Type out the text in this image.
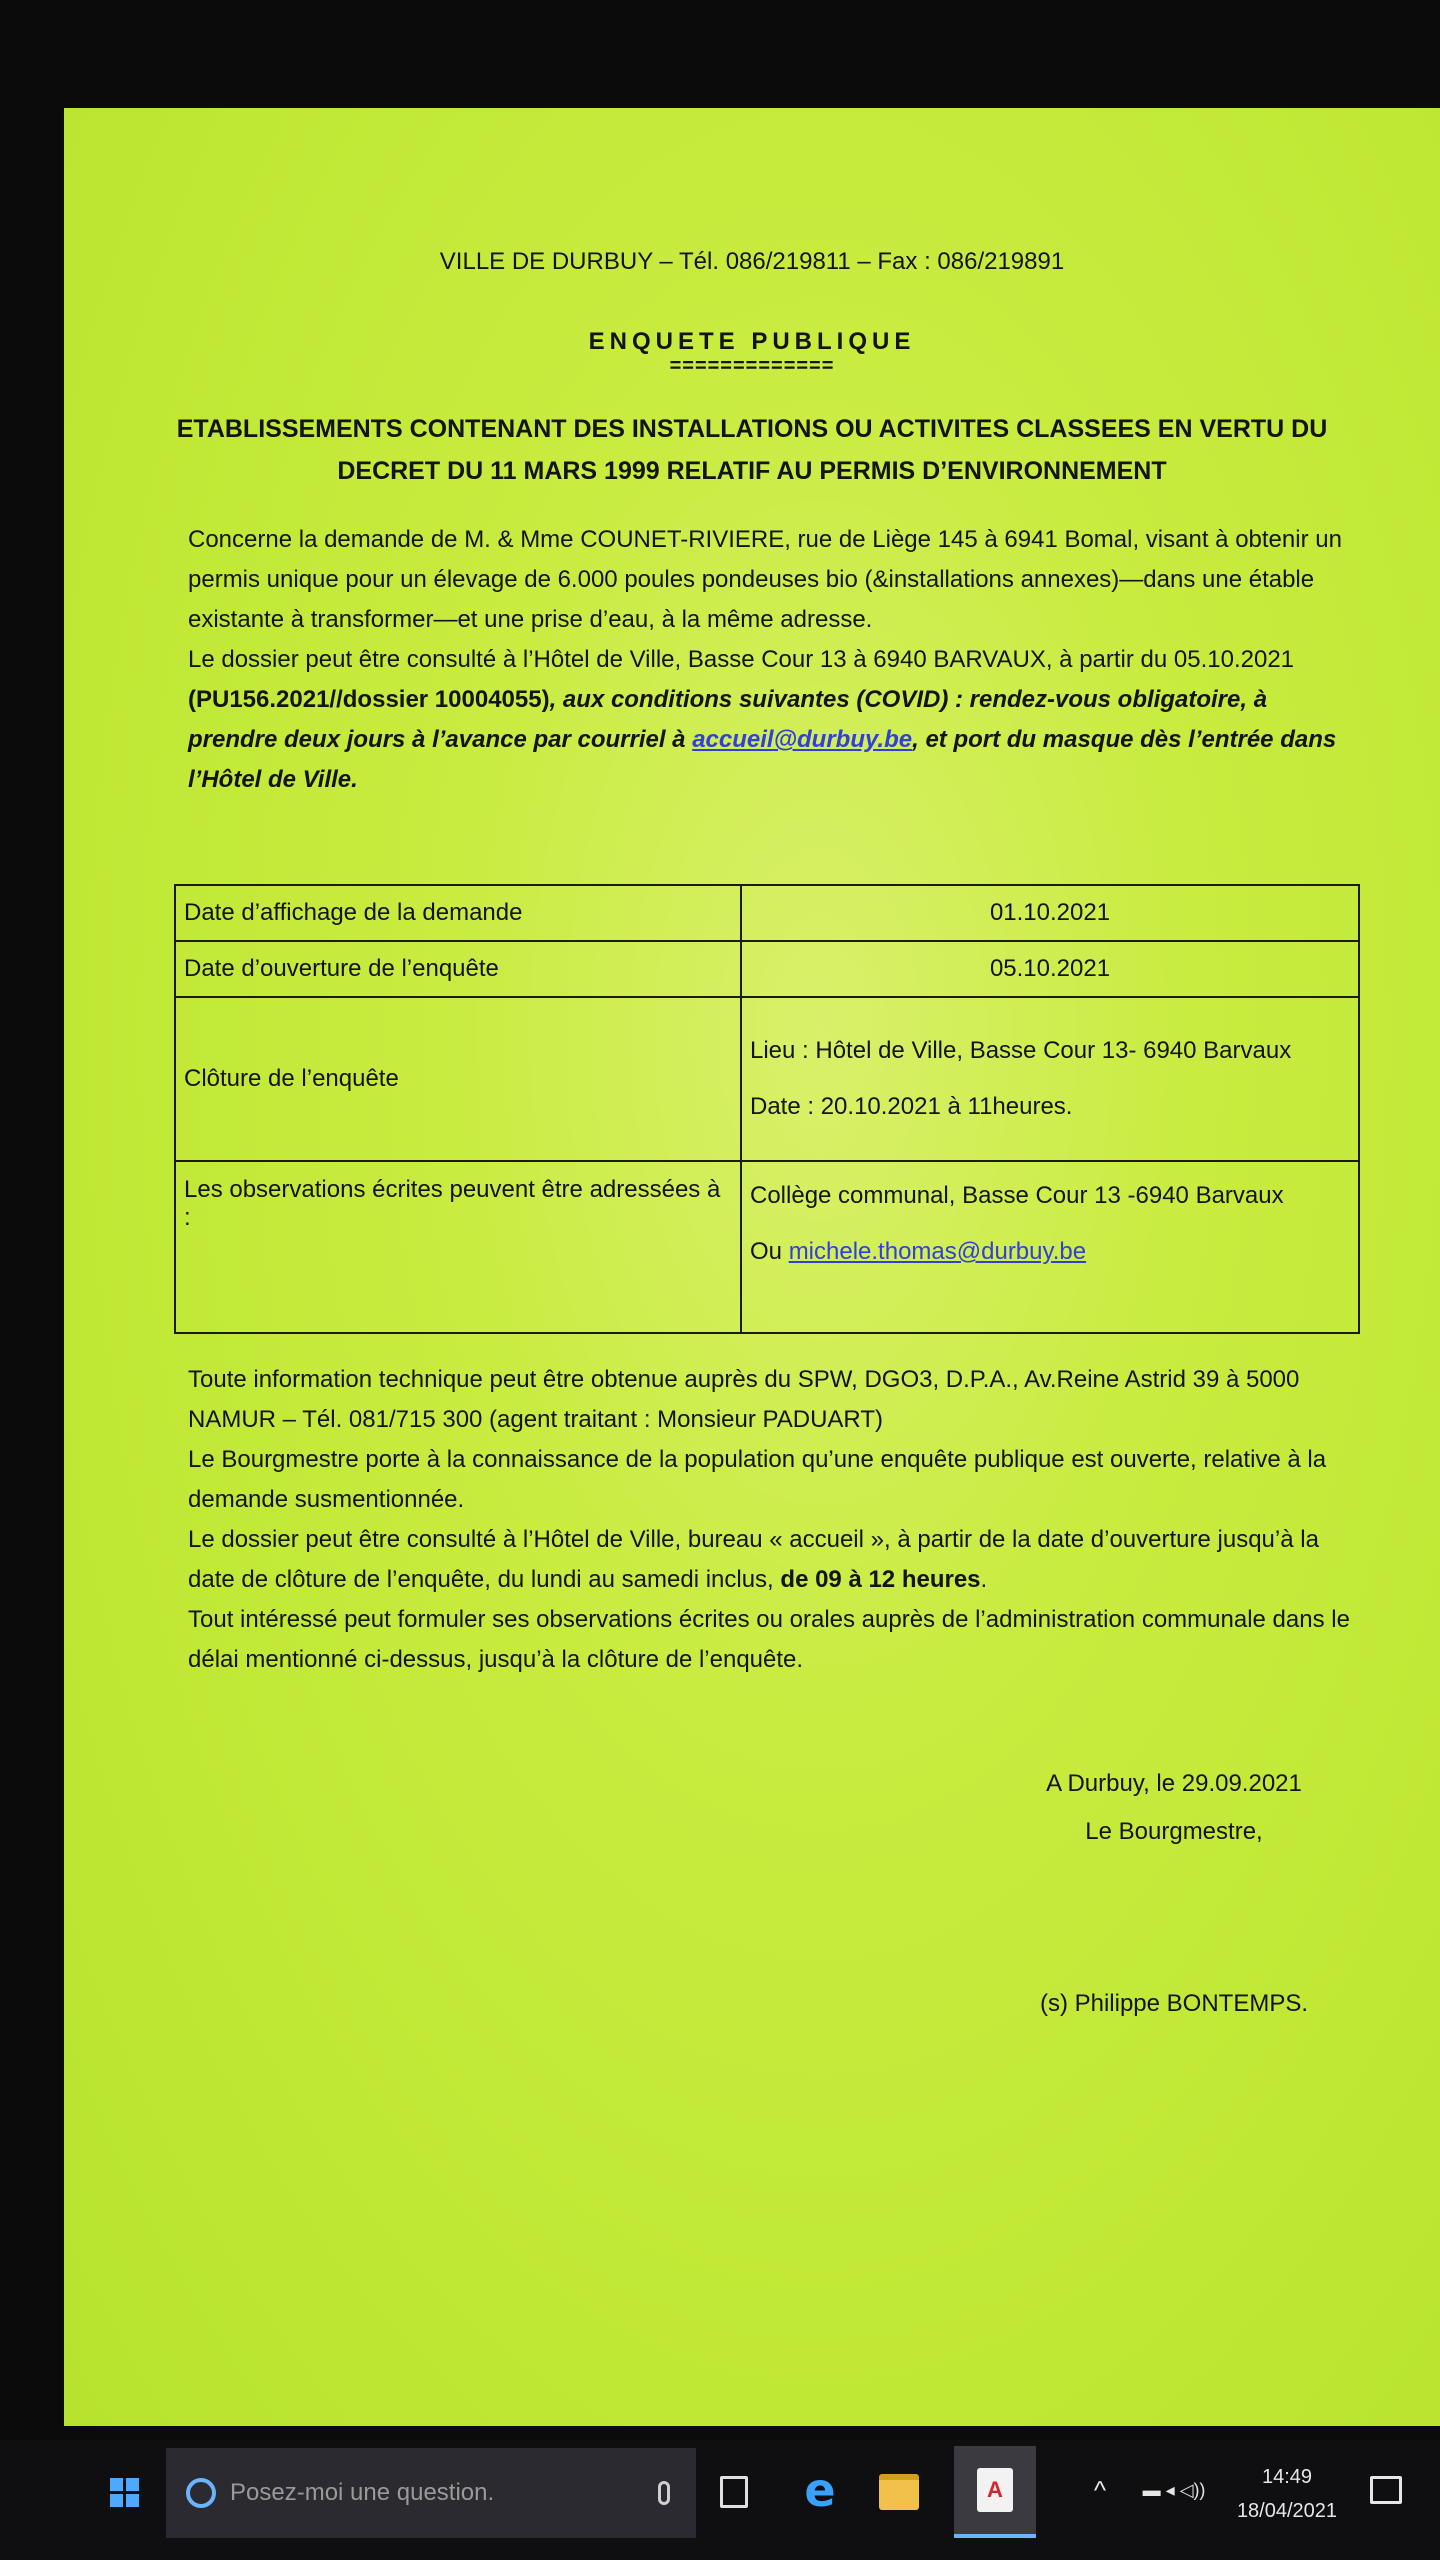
VILLE DE DURBUY – Tél. 086/219811 – Fax : 086/219891
ENQUETE PUBLIQUE
=============
ETABLISSEMENTS CONTENANT DES INSTALLATIONS OU ACTIVITES CLASSEES EN VERTU DU
DECRET DU 11 MARS 1999 RELATIF AU PERMIS D’ENVIRONNEMENT
Concerne la demande de M. & Mme COUNET-RIVIERE, rue de Liège 145 à 6941 Bomal, visant à obtenir un permis unique pour un élevage de 6.000 poules pondeuses bio (&installations annexes)—dans une étable existante à transformer—et une prise d’eau, à la même adresse.
Le dossier peut être consulté à l’Hôtel de Ville, Basse Cour 13 à 6940 BARVAUX, à partir du 05.10.2021 (PU156.2021//dossier 10004055), aux conditions suivantes (COVID) : rendez-vous obligatoire, à prendre deux jours à l’avance par courriel à accueil@durbuy.be, et port du masque dès l’entrée dans l’Hôtel de Ville.
Date d’affichage de la demande	01.10.2021
Date d’ouverture de l’enquête	05.10.2021
Clôture de l’enquête	Lieu : Hôtel de Ville, Basse Cour 13- 6940 Barvaux
Date : 20.10.2021 à 11heures.

Les observations écrites peuvent être adressées à :	Collège communal, Basse Cour 13 -6940 Barvaux
Ou michele.thomas@durbuy.be
Toute information technique peut être obtenue auprès du SPW, DGO3, D.P.A., Av.Reine Astrid 39 à 5000 NAMUR – Tél. 081/715 300 (agent traitant : Monsieur PADUART)
Le Bourgmestre porte à la connaissance de la population qu’une enquête publique est ouverte, relative à la demande susmentionnée.
Le dossier peut être consulté à l’Hôtel de Ville, bureau « accueil », à partir de la date d’ouverture jusqu’à la date de clôture de l’enquête, du lundi au samedi inclus, de 09 à 12 heures.
Tout intéressé peut formuler ses observations écrites ou orales auprès de l’administration communale dans le délai mentionné ci-dessus, jusqu’à la clôture de l’enquête.
A Durbuy, le 29.09.2021
Le Bourgmestre,
(s) Philippe BONTEMPS.
Posez-moi une question.	e	A	^	▬ ◂ ◁))
14:49
18/04/2021
